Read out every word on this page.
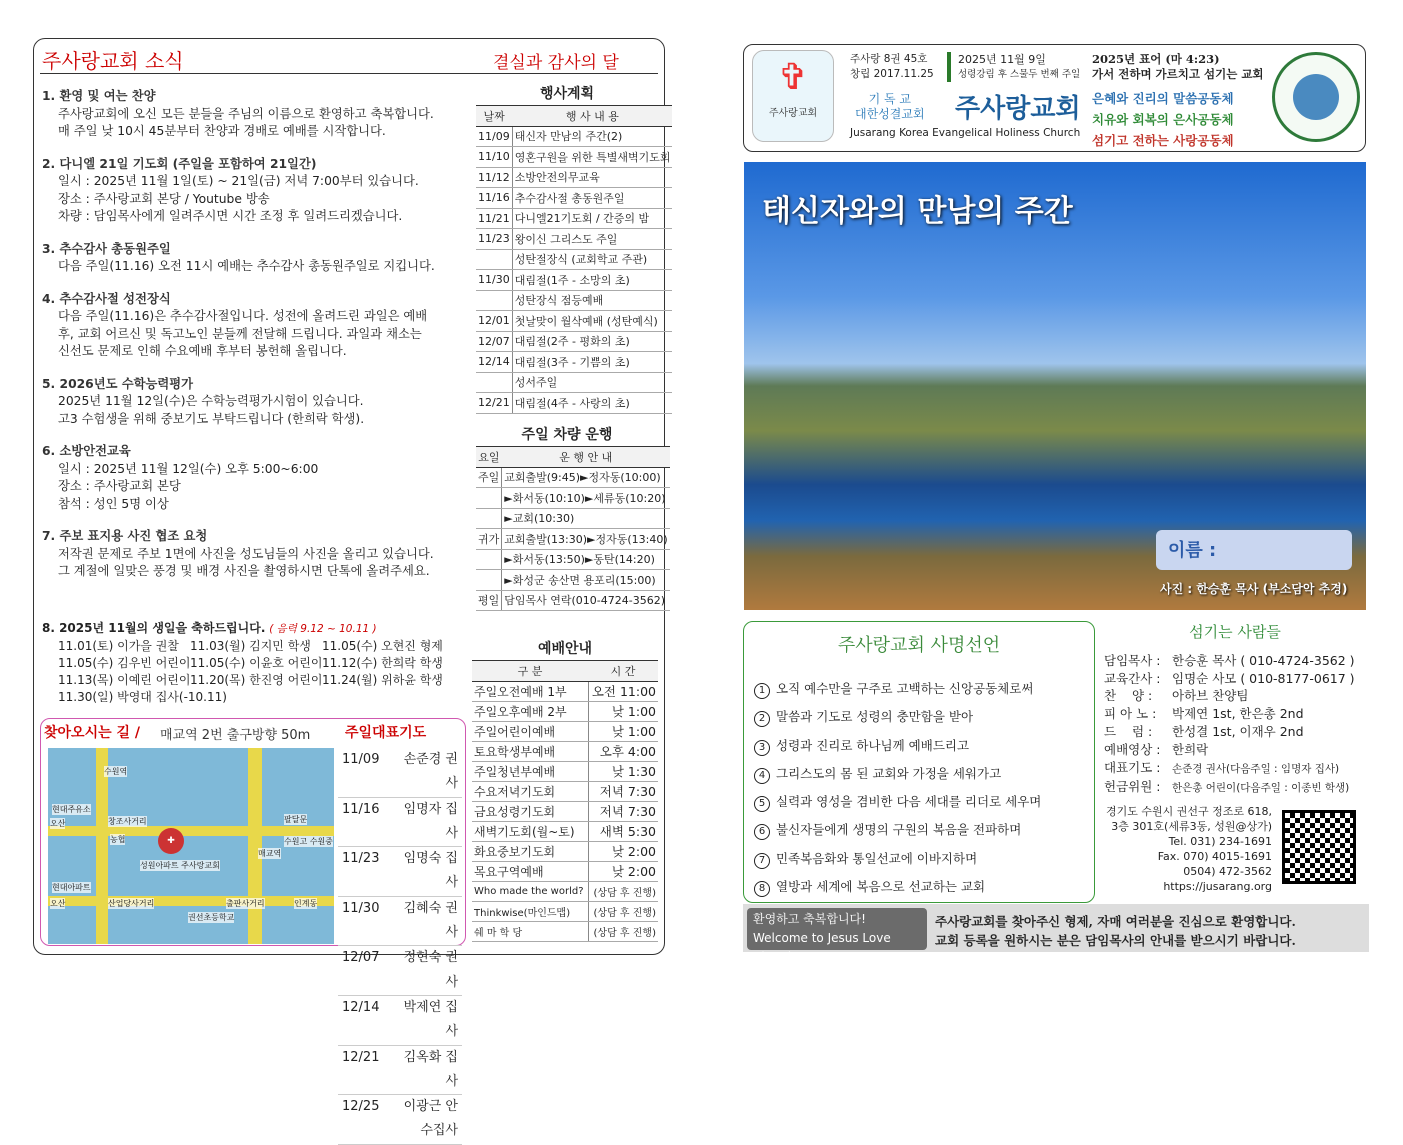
주사랑교회 소식	결실과 감사의 달
1. 환영 및 여는 찬양
주사랑교회에 오신 모든 분들을 주님의 이름으로 환영하고 축복합니다.
매 주일 낮 10시 45분부터 찬양과 경배로 예배를 시작합니다.
2. 다니엘 21일 기도회 (주일을 포함하여 21일간)
일시 : 2025년 11월 1일(토) ~ 21일(금) 저녁 7:00부터 있습니다.
장소 : 주사랑교회 본당 / Youtube 방송
차량 : 담임목사에게 일려주시면 시간 조정 후 일려드리겠습니다.
3. 추수감사 총동원주일
다음 주일(11.16) 오전 11시 예배는 추수감사 총동원주일로 지킵니다.
4. 추수감사절 성전장식
다음 주일(11.16)은 추수감사절입니다. 성전에 올려드린 과일은 예배
후, 교회 어르신 및 독고노인 분들께 전달해 드립니다. 과일과 채소는
신선도 문제로 인해 수요예배 후부터 봉헌해 올립니다.
5. 2026년도 수학능력평가
2025년 11월 12일(수)은 수학능력평가시험이 있습니다.
고3 수험생을 위해 중보기도 부탁드립니다 (한희락 학생).
6. 소방안전교육
일시 : 2025년 11월 12일(수) 오후 5:00~6:00
장소 : 주사랑교회 본당
참석 : 성인 5명 이상
7. 주보 표지용 사진 협조 요청
저작권 문제로 주보 1면에 사진을 성도님들의 사진을 올리고 있습니다.
그 계절에 일맞은 풍경 및 배경 사진을 촬영하시면 단톡에 올려주세요.
8. 2025년 11월의 생일을 축하드립니다. ( 음력 9.12 ~ 10.11 )
11.01(토) 이가을 권찰 11.03(월) 김지민 학생 11.05(수) 오현진 형제
11.05(수) 김우빈 어린이 11.05(수) 이윤호 어린이 11.12(수) 한희락 학생
11.13(목) 이예린 어린이 11.20(목) 한진영 어린이 11.24(월) 위하윤 학생
11.30(일) 박영대 집사(-10.11)
행사계획
날짜	행 사 내 용
11/09	태신자 만남의 주간(2)
11/10	영혼구원을 위한 특별새벽기도회
11/12	소방안전의무교육
11/16	추수감사절 총동원주일
11/21	다니엘21기도회 / 간증의 밤
11/23	왕이신 그리스도 주일
	성탄절장식 (교회학교 주관)
11/30	대림절(1주 - 소망의 초)
	성탄장식 점등예배
12/01	첫날맞이 월삭예배 (성탄예식)
12/07	대림절(2주 - 평화의 초)
12/14	대림절(3주 - 기쁨의 초)
	성서주일
12/21	대림절(4주 - 사랑의 초)
주일 차량 운행
요일	운 행 안 내
주일	교회출발(9:45)►정자동(10:00)
	►화서동(10:10)►세류동(10:20)
	►교회(10:30)
귀가	교회출발(13:30)►정자동(13:40)
	►화서동(13:50)►동탄(14:20)
	►화성군 송산면 용포리(15:00)
평일	담임목사 연락(010-4724-3562)
예배안내
구 분	시 간
주일오전예배 1부	오전 11:00
주일오후예배 2부	낮 1:00
주일어린이예배	낮 1:00
토요학생부예배	오후 4:00
주일청년부예배	낮 1:30
수요저녁기도회	저녁 7:30
금요성령기도회	저녁 7:30
새벽기도회(월~토)	새벽 5:30
화요중보기도회	낮 2:00
목요구역예배	낮 2:00
Who made the world?	(상담 후 진행)
Thinkwise(마인드맵)	(상담 후 진행)
쉐 마 학 당	(상담 후 진행)
찾아오시는 길 / 매교역 2번 출구방향 50m
✚
수원역
오산	창조사거리
현대주유소
농협
성원아파트 주사랑교회
현대아파트
산업당사거리
권선초등학교
매교역
팔달문
수원고 수원중
출판사거리	인계동
오산
주일대표기도
11/09	손준경 권사
11/16	임명자 집사
11/23	임명숙 집사
11/30	김혜숙 권사
12/07	정현숙 권사
12/14	박제연 집사
12/21	김옥화 집사
12/25	이광근 안수집사
✞
주사랑교회
주사랑 8권 45호
창립 2017.11.25
2025년 11월 9일
성령강림 후 스물두 번째 주일
2025년 표어 (마 4:23)
가서 전하며 가르치고 섬기는 교회
기 독 교
대한성결교회 주사랑교회
Jusarang Korea Evangelical Holiness Church
은혜와 진리의 말씀공동체
치유와 회복의 은사공동체
섬기고 전하는 사랑공동체
태신자와의 만남의 주간
이름 :
사진 : 한승훈 목사 (부소담악 추경)
주사랑교회 사명선언
1 오직 예수만을 구주로 고백하는 신앙공동체로써
2 말씀과 기도로 성령의 충만함을 받아
3 성령과 진리로 하나님께 예배드리고
4 그리스도의 몸 된 교회와 가정을 세워가고
5 실력과 영성을 겸비한 다음 세대를 리더로 세우며
6 불신자들에게 생명의 구원의 복음을 전파하며
7 민족복음화와 통일선교에 이바지하며
8 열방과 세계에 복음으로 선교하는 교회
섬기는 사람들
담임목사 : 한승훈 목사 ( 010-4724-3562 )
교육간사 : 임명순 사모 ( 010-8177-0617 )
찬    양 : 아하브 찬양팀
피 아 노 : 박제연 1st, 한은총 2nd
드    럼 : 한성결 1st, 이재우 2nd
예배영상 : 한희락
대표기도 : 손준경 권사(다음주일 : 임명자 집사)
헌금위원 : 한은총 어린이(다음주일 : 이종빈 학생)
경기도 수원시 권선구 정조로 618,
3층 301호(세류3동, 성원@상가)
Tel. 031) 234-1691
Fax. 070) 4015-1691
0504) 472-3562
https://jusarang.org
환영하고 축복합니다!
Welcome to Jesus Love Church
주사랑교회를 찾아주신 형제, 자매 여러분을 진심으로 환영합니다.
교회 등록을 원하시는 분은 담임목사의 안내를 받으시기 바랍니다.
